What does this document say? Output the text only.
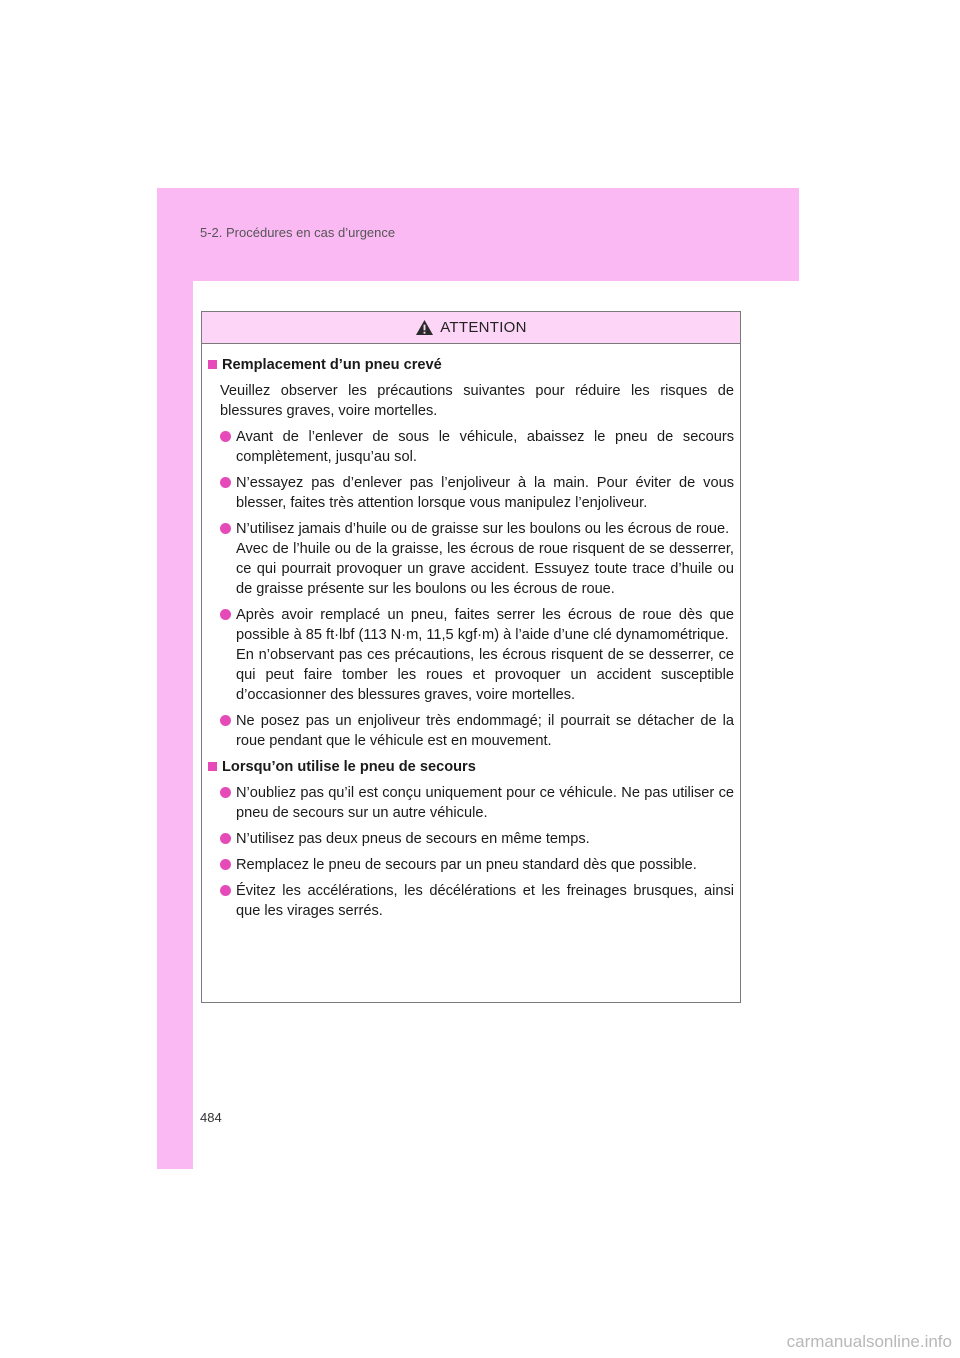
5-2. Procédures en cas d’urgence
ATTENTION
Remplacement d’un pneu crevé

Veuillez observer les précautions suivantes pour réduire les risques de blessures graves, voire mortelles.

Avant de l’enlever de sous le véhicule, abaissez le pneu de secours complètement, jusqu’au sol.

N’essayez pas d’enlever pas l’enjoliveur à la main. Pour éviter de vous blesser, faites très attention lorsque vous manipulez l’enjoliveur.

N’utilisez jamais d’huile ou de graisse sur les boulons ou les écrous de roue.

Avec de l’huile ou de la graisse, les écrous de roue risquent de se desserrer, ce qui pourrait provoquer un grave accident. Essuyez toute trace d’huile ou de graisse présente sur les boulons ou les écrous de roue.

Après avoir remplacé un pneu, faites serrer les écrous de roue dès que possible à 85 ft·lbf (113 N·m, 11,5 kgf·m) à l’aide d’une clé dynamométrique.

En n’observant pas ces précautions, les écrous risquent de se desserrer, ce qui peut faire tomber les roues et provoquer un accident susceptible d’occasionner des blessures graves, voire mortelles.

Ne posez pas un enjoliveur très endommagé; il pourrait se détacher de la roue pendant que le véhicule est en mouvement.

Lorsqu’on utilise le pneu de secours

N’oubliez pas qu’il est conçu uniquement pour ce véhicule. Ne pas utiliser ce pneu de secours sur un autre véhicule.

N’utilisez pas deux pneus de secours en même temps.

Remplacez le pneu de secours par un pneu standard dès que possible.

Évitez les accélérations, les décélérations et les freinages brusques, ainsi que les virages serrés.

484
carmanualsonline.info
